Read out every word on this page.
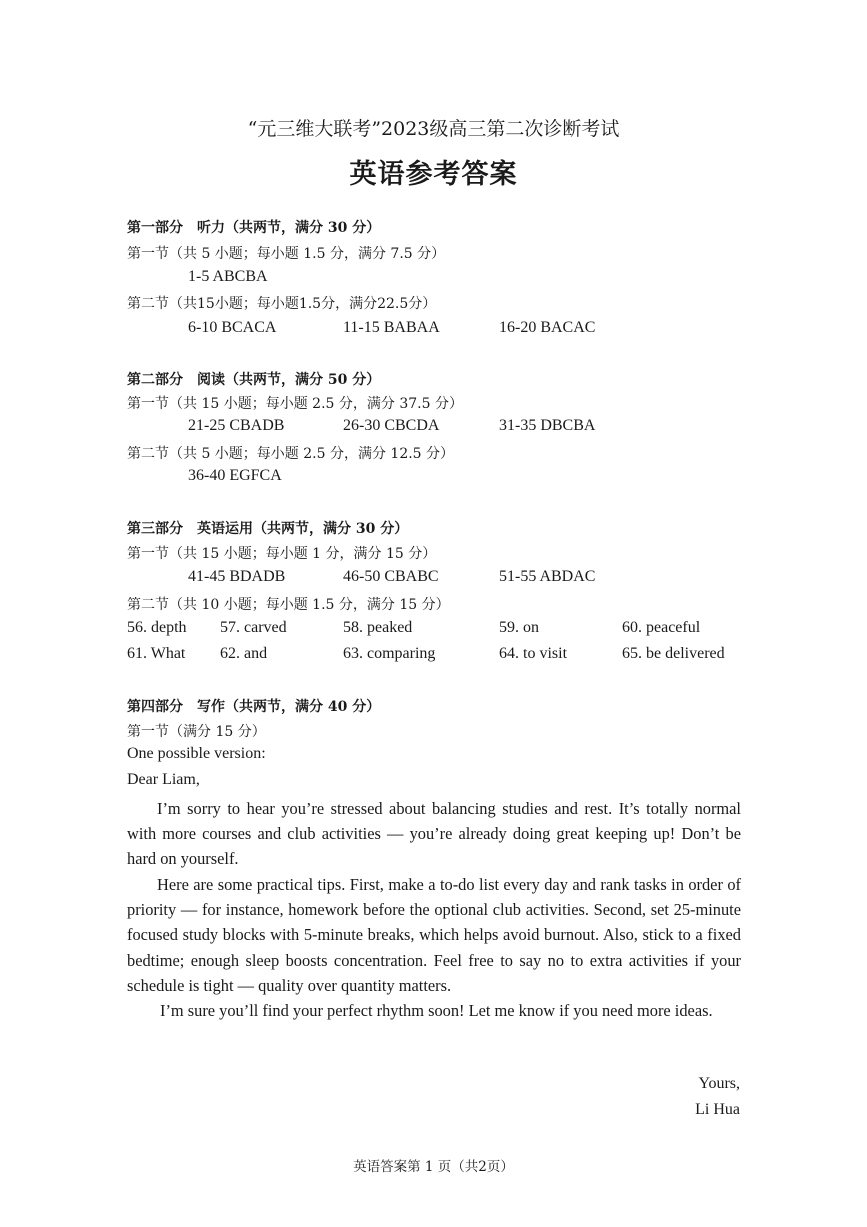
“元三维大联考”2023级高三第二次诊断考试
英语参考答案
第一部分　听力（共两节，满分 30 分）
第一节（共 5 小题；每小题 1.5 分，满分 7.5 分）
1-5 ABCBA
第二节（共15小题；每小题1.5分，满分22.5分）
6-10 BCACA	11-15 BABAA	16-20 BACAC
第二部分　阅读（共两节，满分 50 分）
第一节（共 15 小题；每小题 2.5 分，满分 37.5 分）
21-25 CBADB	26-30 CBCDA	31-35 DBCBA
第二节（共 5 小题；每小题 2.5 分，满分 12.5 分）
36-40 EGFCA
第三部分　英语运用（共两节，满分 30 分）
第一节（共 15 小题；每小题 1 分，满分 15 分）
41-45 BDADB	46-50 CBABC	51-55 ABDAC
第二节（共 10 小题；每小题 1.5 分，满分 15 分）
56. depth 57. carved	58. peaked	59. on	60. peaceful
61. What 62. and	63. comparing	64. to visit	65. be delivered
第四部分　写作（共两节，满分 40 分）
第一节（满分 15 分）
One possible version:
Dear Liam,
I’m sorry to hear you’re stressed about balancing studies and rest. It’s totally normal with more courses and club activities — you’re already doing great keeping up! Don’t be hard on yourself.
Here are some practical tips. First, make a to-do list every day and rank tasks in order of priority — for instance, homework before the optional club activities. Second, set 25-minute focused study blocks with 5-minute breaks, which helps avoid burnout. Also, stick to a fixed bedtime; enough sleep boosts concentration. Feel free to say no to extra activities if your schedule is tight — quality over quantity matters.
I’m sure you’ll find your perfect rhythm soon! Let me know if you need more ideas.
Yours,
Li Hua
英语答案第 1 页（共2页）
